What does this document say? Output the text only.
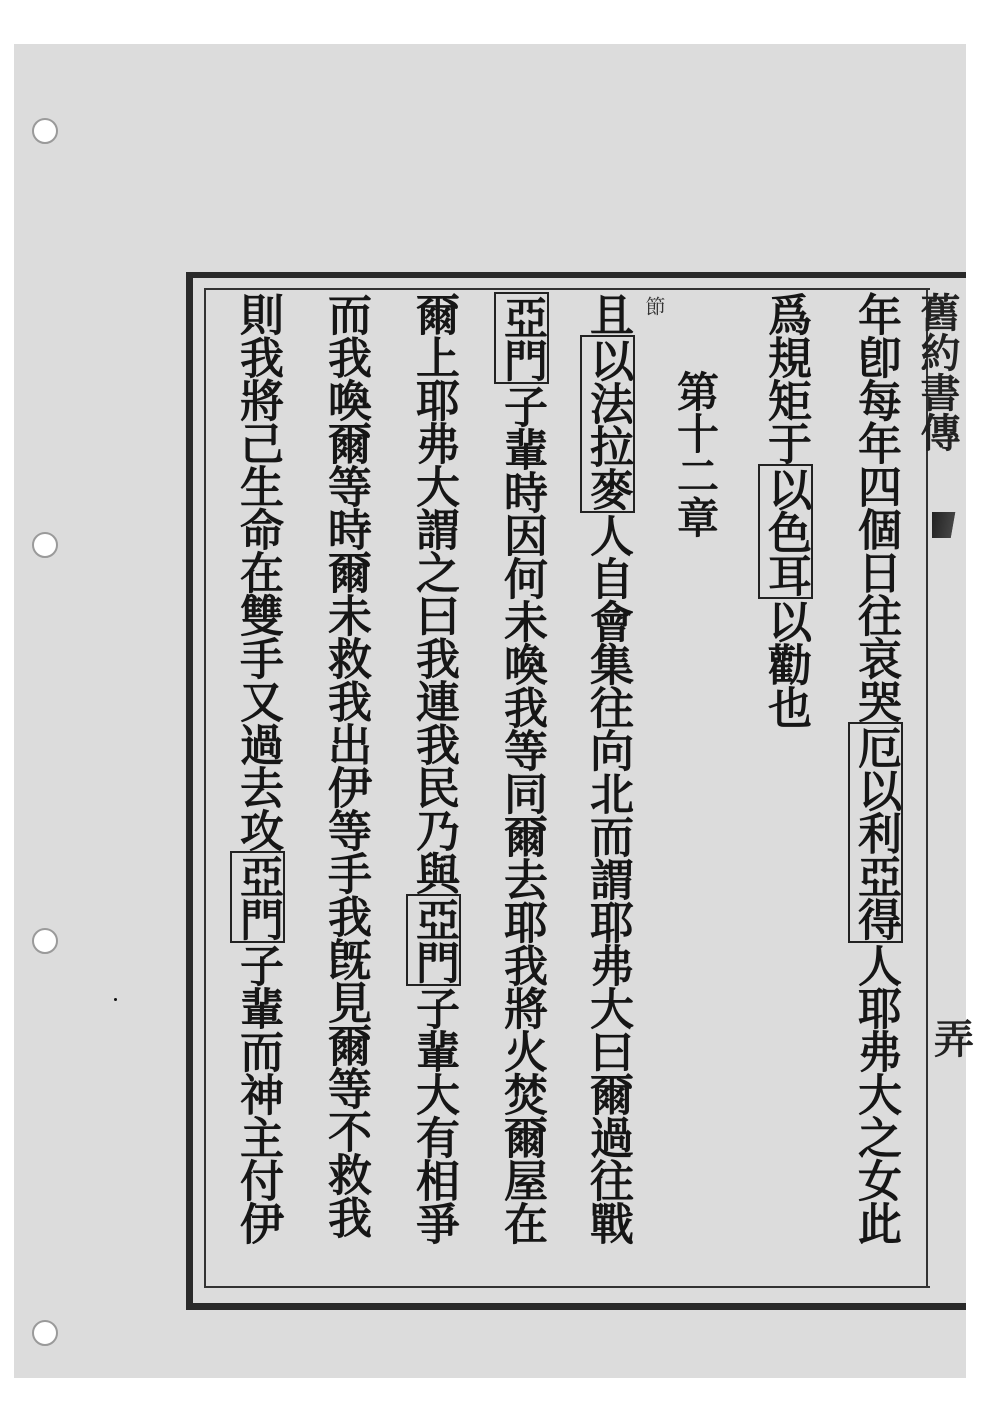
舊約書傳
弄
節
第十二章	年卽每年四個日往哀哭厄以利亞得人耶弗大之女此
爲規矩于以色耳以勸也
且以法拉麥人自會集往向北而謂耶弗大曰爾過往戰
亞門子輩時因何未喚我等同爾去耶我將火焚爾屋在
爾上耶弗大謂之曰我連我民乃與亞門子輩大有相爭
而我喚爾等時爾未救我出伊等手我旣見爾等不救我
則我將己生命在雙手又過去攻亞門子輩而神主付伊
